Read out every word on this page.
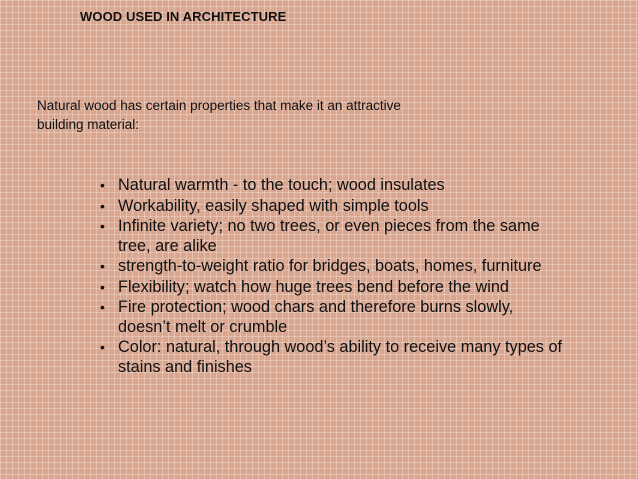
WOOD USED IN ARCHITECTURE
Natural wood has certain properties that make it an attractive building material:
• Natural warmth - to the touch; wood insulates
• Workability, easily shaped with simple tools
• Infinite variety; no two trees, or even pieces from the same tree, are alike
• strength-to-weight ratio for bridges, boats, homes, furniture
• Flexibility; watch how huge trees bend before the wind
• Fire protection; wood chars and therefore burns slowly, doesn’t melt or crumble
• Color: natural, through wood’s ability to receive many types of stains and finishes
